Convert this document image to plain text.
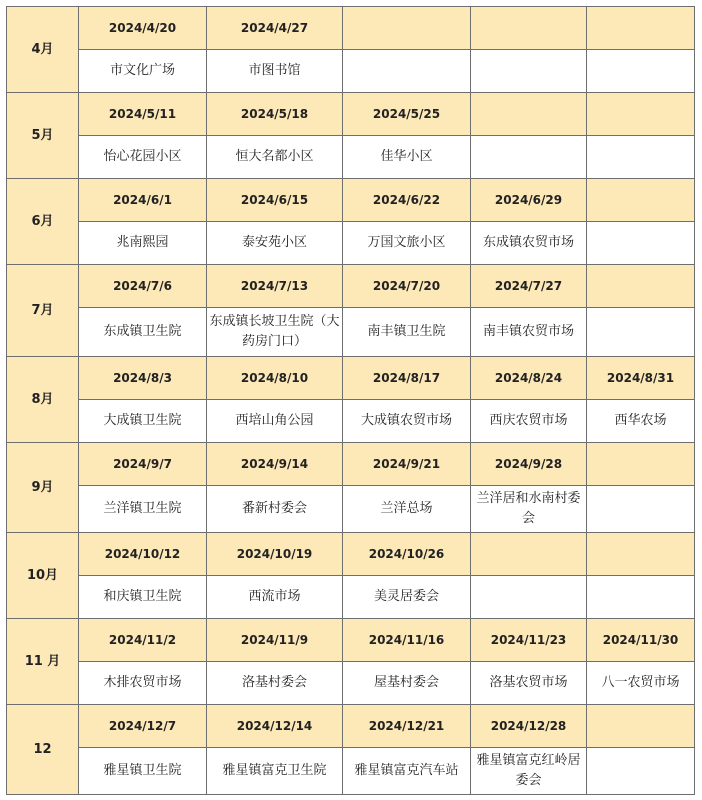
4月	2024/4/20	2024/4/27			
	市文化广场	市图书馆			
5月	2024/5/11	2024/5/18	2024/5/25		
	怡心花园小区	恒大名都小区	佳华小区		
6月	2024/6/1	2024/6/15	2024/6/22	2024/6/29	
	兆南熙园	泰安苑小区	万国文旅小区	东成镇农贸市场	
7月	2024/7/6	2024/7/13	2024/7/20	2024/7/27	
	东成镇卫生院	东成镇长坡卫生院（大药房门口）	南丰镇卫生院	南丰镇农贸市场	
8月	2024/8/3	2024/8/10	2024/8/17	2024/8/24	2024/8/31
	大成镇卫生院	西培山角公园	大成镇农贸市场	西庆农贸市场	西华农场
9月	2024/9/7	2024/9/14	2024/9/21	2024/9/28	
	兰洋镇卫生院	番新村委会	兰洋总场	兰洋居和水南村委会	
10月	2024/10/12	2024/10/19	2024/10/26		
	和庆镇卫生院	西流市场	美灵居委会		
11 月	2024/11/2	2024/11/9	2024/11/16	2024/11/23	2024/11/30
	木排农贸市场	洛基村委会	屋基村委会	洛基农贸市场	八一农贸市场
12	2024/12/7	2024/12/14	2024/12/21	2024/12/28	
	雅星镇卫生院	雅星镇富克卫生院	雅星镇富克汽车站	雅星镇富克红岭居委会	
